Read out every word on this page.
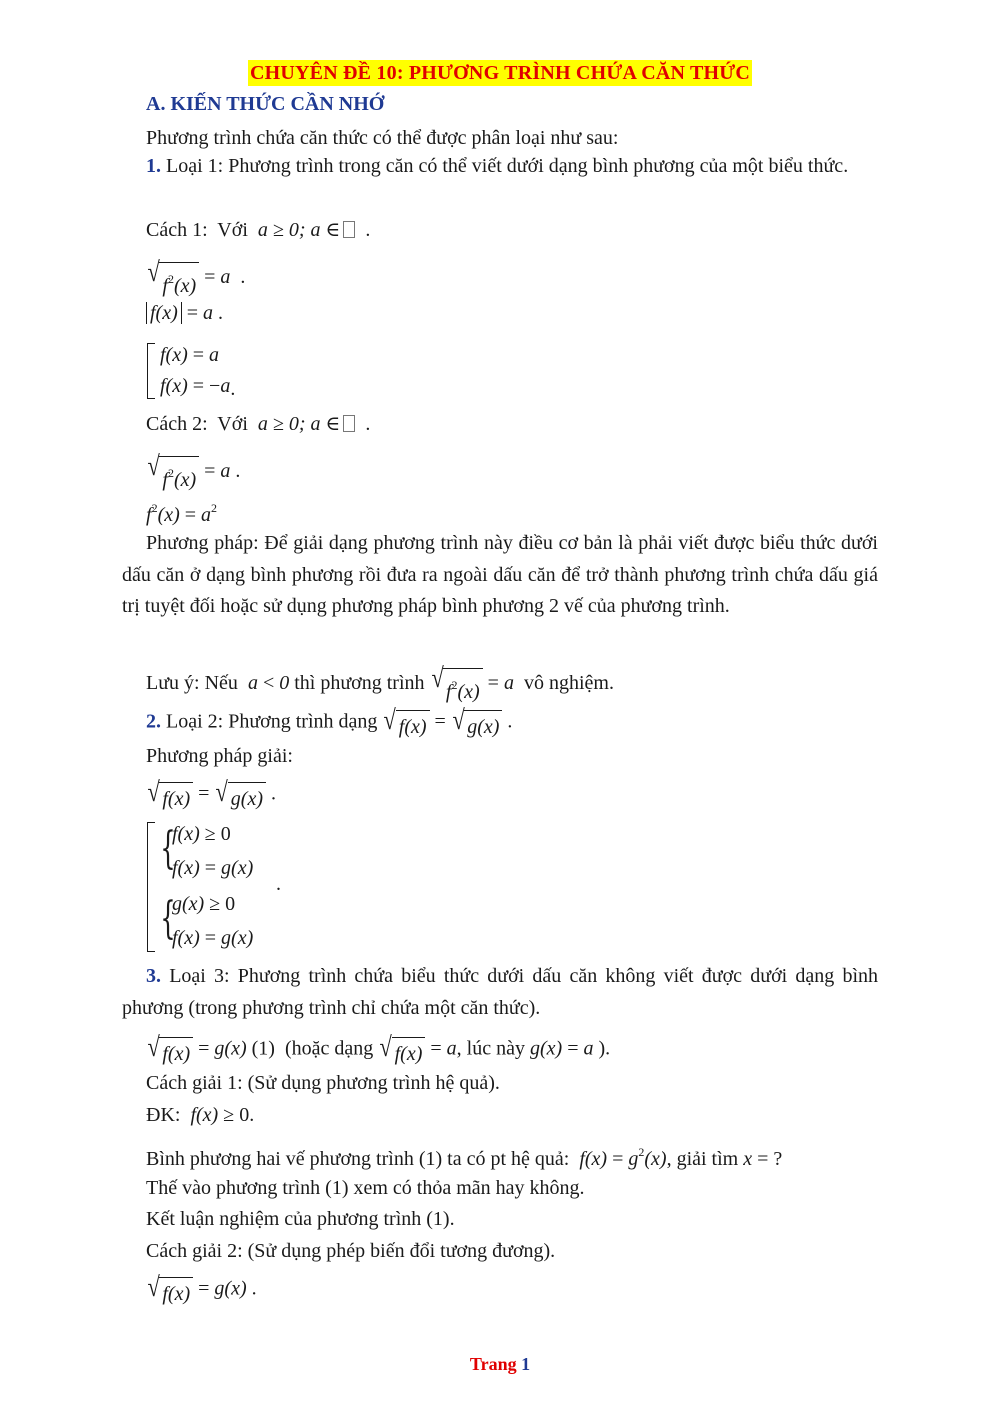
CHUYÊN ĐỀ 10: PHƯƠNG TRÌNH CHỨA CĂN THỨC
A. KIẾN THỨC CẦN NHỚ
Phương trình chứa căn thức có thể được phân loại như sau:
1. Loại 1: Phương trình trong căn có thể viết dưới dạng bình phương của một biểu thức.
Cách 1: Với a ≥ 0; a ∈  .
√ $f^2(x) = a$  .
f(x) = a .
f(x) = a
f(x) = −a.
Cách 2: Với a ≥ 0; a ∈  .
√ $f^2(x) = a$ .
$f^2(x) = a^2$
Phương pháp: Để giải dạng phương trình này điều cơ bản là phải viết được biểu thức dưới dấu căn ở dạng bình phương rồi đưa ra ngoài dấu căn để trở thành phương trình chứa dấu giá trị tuyệt đối hoặc sử dụng phương pháp bình phương 2 vế của phương trình.
Lưu ý: Nếu a < 0 thì phương trình √ $f^2(x) = a$ vô nghiệm.
2. Loại 2: Phương trình dạng √ f(x) = √ g(x) .
Phương pháp giải:
√ f(x) = √ g(x) .
{
f(x) ≥ 0
f(x) = g(x)
.
{
g(x) ≥ 0
f(x) = g(x)
3. Loại 3: Phương trình chứa biểu thức dưới dấu căn không viết được dưới dạng bình phương (trong phương trình chỉ chứa một căn thức).
√ f(x) = g(x) (1) (hoặc dạng √ f(x) = a, lúc này g(x) = a ).
Cách giải 1: (Sử dụng phương trình hệ quả).
ĐK: f(x) ≥ 0.
Bình phương hai vế phương trình (1) ta có pt hệ quả: $f(x) = g^2(x)$, giải tìm x = ?
Thế vào phương trình (1) xem có thỏa mãn hay không.
Kết luận nghiệm của phương trình (1).
Cách giải 2: (Sử dụng phép biến đổi tương đương).
√ f(x) = g(x) .
Trang 1
